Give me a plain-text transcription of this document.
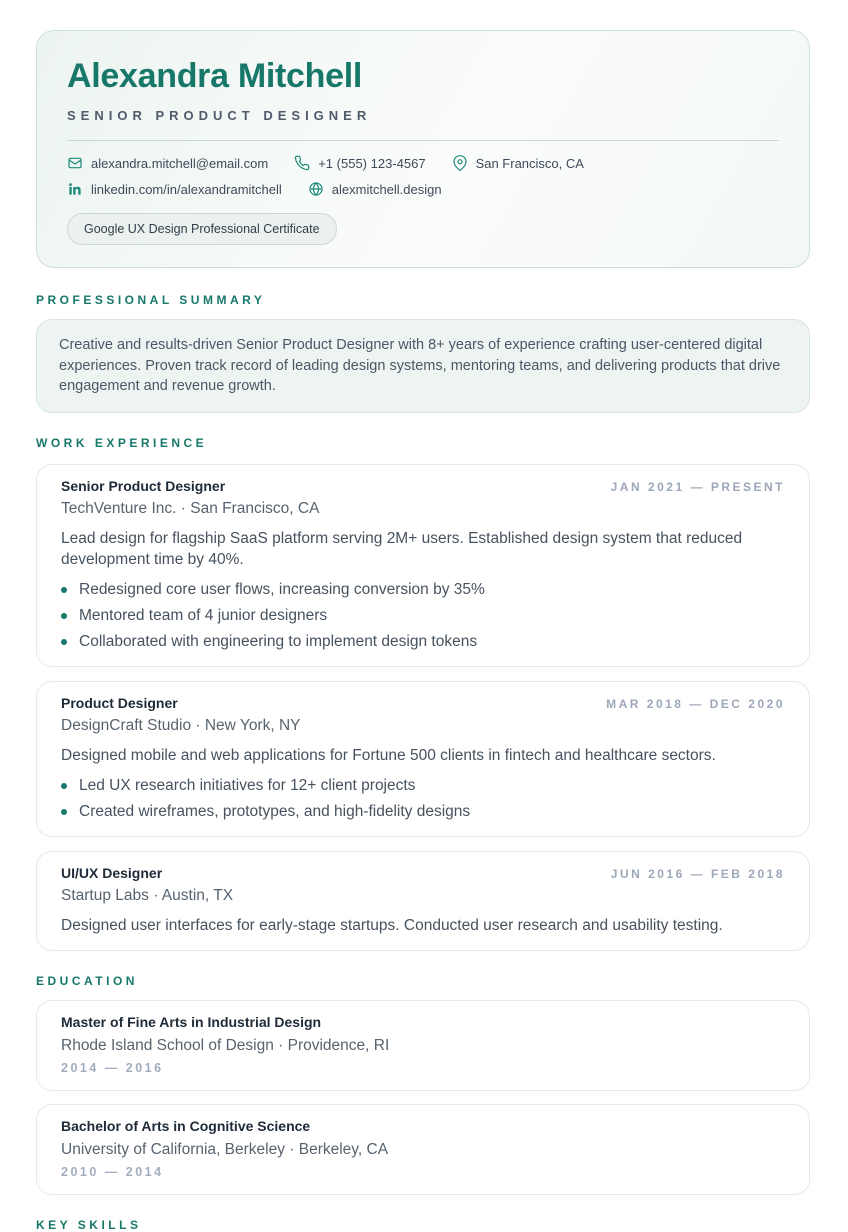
Alexandra Mitchell
SENIOR PRODUCT DESIGNER
alexandra.mitchell@email.com	+1 (555) 123-4567	San Francisco, CA
linkedin.com/in/alexandramitchell	alexmitchell.design
Google UX Design Professional Certificate
PROFESSIONAL SUMMARY

Creative and results-driven Senior Product Designer with 8+ years of experience crafting user-centered digital experiences. Proven track record of leading design systems, mentoring teams, and delivering products that drive engagement and revenue growth.

WORK EXPERIENCE
Senior Product Designer	JAN 2021 — PRESENT
TechVenture Inc. · San Francisco, CA

Lead design for flagship SaaS platform serving 2M+ users. Established design system that reduced development time by 40%.

Redesigned core user flows, increasing conversion by 35%
Mentored team of 4 junior designers
Collaborated with engineering to implement design tokens
Product Designer	MAR 2018 — DEC 2020
DesignCraft Studio · New York, NY

Designed mobile and web applications for Fortune 500 clients in fintech and healthcare sectors.

Led UX research initiatives for 12+ client projects
Created wireframes, prototypes, and high-fidelity designs
UI/UX Designer	JUN 2016 — FEB 2018
Startup Labs · Austin, TX

Designed user interfaces for early-stage startups. Conducted user research and usability testing.

EDUCATION
Master of Fine Arts in Industrial Design
Rhode Island School of Design · Providence, RI
2014 — 2016
Bachelor of Arts in Cognitive Science
University of California, Berkeley · Berkeley, CA
2010 — 2014
KEY SKILLS
